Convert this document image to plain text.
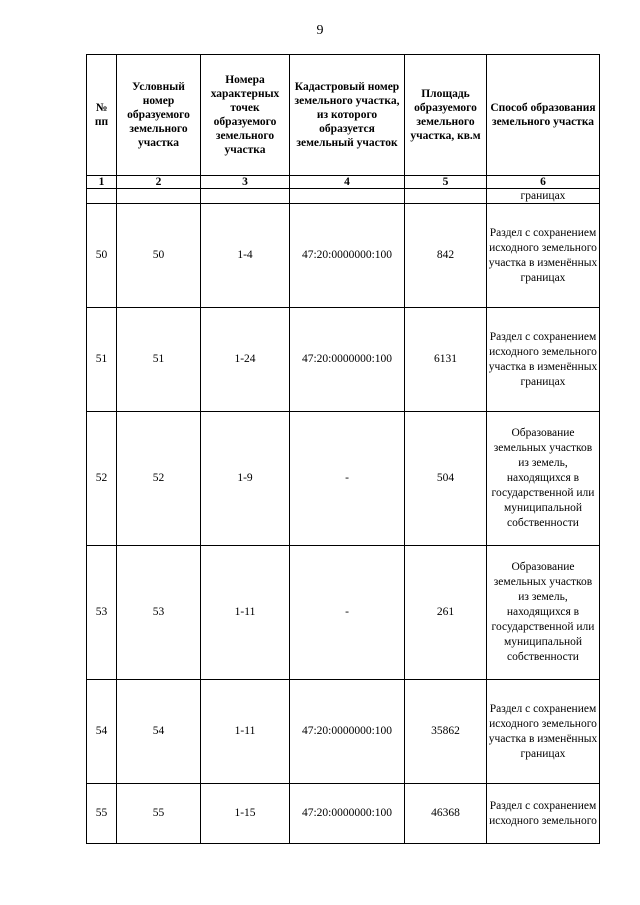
9
№ пп	Условный номер образуемого земельного участка	Номера характерных точек образуемого земельного участка	Кадастровый номер земельного участка, из которого образуется земельный участок	Площадь образуемого земельного участка, кв.м	Способ образования земельного участка
1	2	3	4	5	6
					границах
50	50	1-4	47:20:0000000:100	842	Раздел с сохранением исходного земельного участка в изменённых границах
51	51	1-24	47:20:0000000:100	6131	Раздел с сохранением исходного земельного участка в изменённых границах
52	52	1-9	-	504	Образование земельных участков из земель, находящихся в государственной или муниципальной собственности
53	53	1-11	-	261	Образование земельных участков из земель, находящихся в государственной или муниципальной собственности
54	54	1-11	47:20:0000000:100	35862	Раздел с сохранением исходного земельного участка в изменённых границах
55	55	1-15	47:20:0000000:100	46368	Раздел с сохранением исходного земельного
